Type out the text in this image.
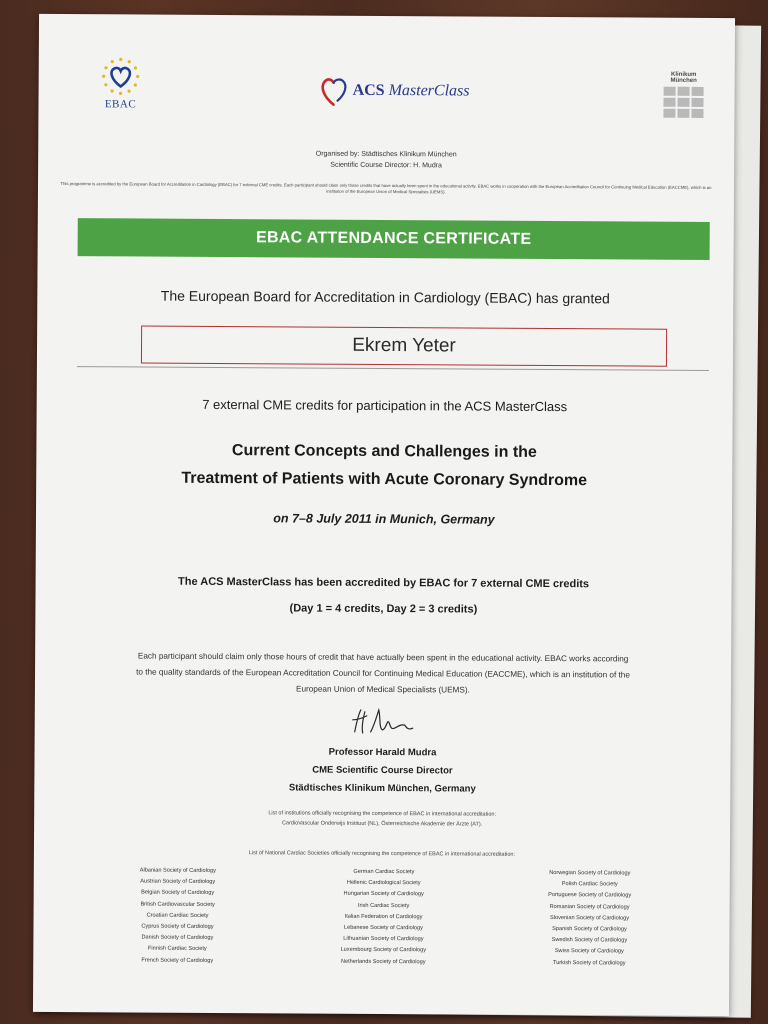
EBAC
ACS MasterClass
Klinikum München
Organised by: Städtisches Klinikum München
Scientific Course Director: H. Mudra
This programme is accredited by the European Board for Accreditation in Cardiology (EBAC) for 7 external CME credits. Each participant should claim only those credits that have actually been spent in the educational activity. EBAC works in cooperation with the European Accreditation Council for Continuing Medical Education (EACCME), which is an institution of the European Union of Medical Specialists (UEMS).
EBAC ATTENDANCE CERTIFICATE
The European Board for Accreditation in Cardiology (EBAC) has granted
Ekrem Yeter
7 external CME credits for participation in the ACS MasterClass
Current Concepts and Challenges in the
Treatment of Patients with Acute Coronary Syndrome
on 7–8 July 2011 in Munich, Germany
The ACS MasterClass has been accredited by EBAC for 7 external CME credits
(Day 1 = 4 credits, Day 2 = 3 credits)
Each participant should claim only those hours of credit that have actually been spent in the educational activity. EBAC works according
to the quality standards of the European Accreditation Council for Continuing Medical Education (EACCME), which is an institution of the
European Union of Medical Specialists (UEMS).
Professor Harald Mudra
CME Scientific Course Director
Städtisches Klinikum München, Germany
List of institutions officially recognising the competence of EBAC in international accreditation:
CardioVascular Onderwijs Instituut (NL), Österreichische Akademie der Ärzte (AT).
List of National Cardiac Societies officially recognising the competence of EBAC in international accreditation:
Albanian Society of Cardiology
Austrian Society of Cardiology
Belgian Society of Cardiology
British Cardiovascular Society
Croatian Cardiac Society
Cyprus Society of Cardiology
Danish Society of Cardiology
Finnish Cardiac Society
French Society of Cardiology
German Cardiac Society
Hellenic Cardiological Society
Hungarian Society of Cardiology
Irish Cardiac Society
Italian Federation of Cardiology
Lebanese Society of Cardiology
Lithuanian Society of Cardiology
Luxembourg Society of Cardiology
Netherlands Society of Cardiology
Norwegian Society of Cardiology
Polish Cardiac Society
Portuguese Society of Cardiology
Romanian Society of Cardiology
Slovenian Society of Cardiology
Spanish Society of Cardiology
Swedish Society of Cardiology
Swiss Society of Cardiology
Turkish Society of Cardiology
